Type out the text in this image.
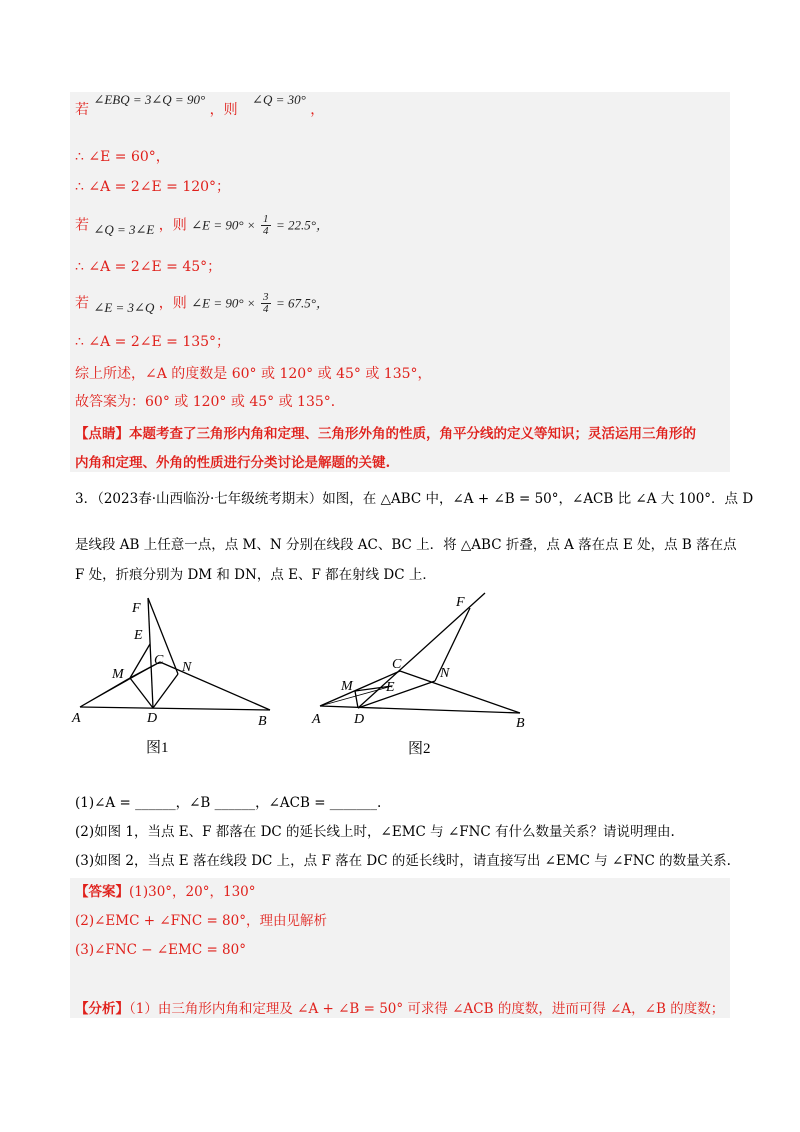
若 ∠EBQ = 3∠Q = 90° ，则 ∠Q = 30° ，
∴ ∠E = 60°，
∴ ∠A = 2∠E = 120°；
若 ∠Q = 3∠E ，则 ∠E = $90^\circ \times \frac{1}{4} = 22.5^\circ$，
∴ ∠A = 2∠E = 45°；
若 ∠E = 3∠Q ，则 ∠E = $90^\circ \times \frac{3}{4} = 67.5^\circ$，
∴ ∠A = 2∠E = 135°；
综上所述，∠A 的度数是 60° 或 120° 或 45° 或 135°，
故答案为：60° 或 120° 或 45° 或 135°．
【点睛】本题考查了三角形内角和定理、三角形外角的性质，角平分线的定义等知识；灵活运用三角形的
内角和定理、外角的性质进行分类讨论是解题的关键.
3．（2023春·山西临汾·七年级统考期末）如图，在 △ABC 中，∠A + ∠B = 50°，∠ACB 比 ∠A 大 100°．点 D
是线段 AB 上任意一点，点 M、N 分别在线段 AC、BC 上．将 △ABC 折叠，点 A 落在点 E 处，点 B 落在点
F 处，折痕分别为 DM 和 DN，点 E、F 都在射线 DC 上．
F
E
C
M	N
A	D	B
图1
F
C
N
M E
A D	B
图2
(1)∠A = ______，∠B ______，∠ACB = _______.
(2)如图 1，当点 E、F 都落在 DC 的延长线上时，∠EMC 与 ∠FNC 有什么数量关系？请说明理由.
(3)如图 2，当点 E 落在线段 DC 上，点 F 落在 DC 的延长线时，请直接写出 ∠EMC 与 ∠FNC 的数量关系.
【答案】(1)30°，20°，130°
(2)∠EMC + ∠FNC = 80°，理由见解析
(3)∠FNC − ∠EMC = 80°
【分析】（1）由三角形内角和定理及 ∠A + ∠B = 50° 可求得 ∠ACB 的度数，进而可得 ∠A，∠B 的度数；
